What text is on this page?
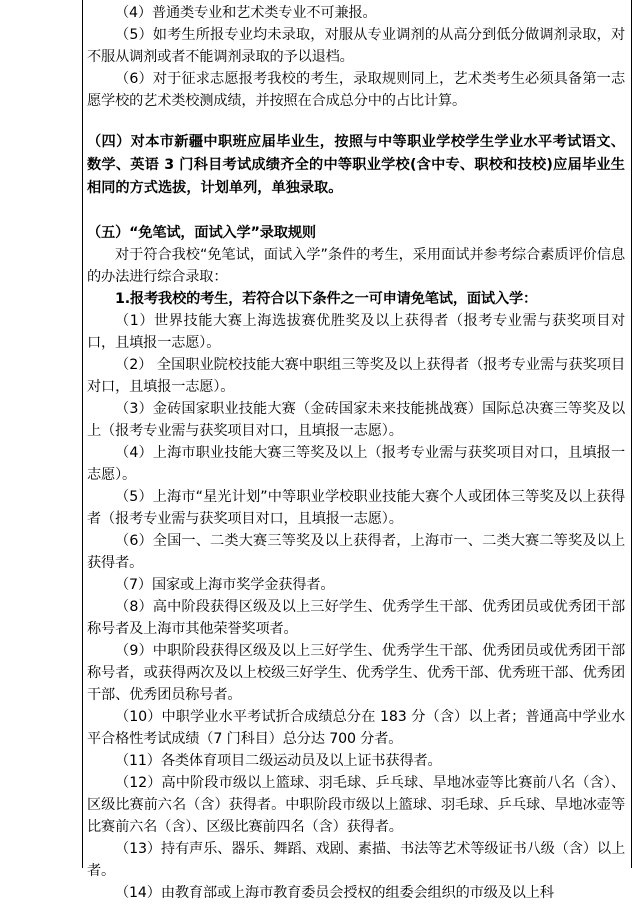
（4）普通类专业和艺术类专业不可兼报。

（5）如考生所报专业均未录取，对服从专业调剂的从高分到低分做调剂录取，对不服从调剂或者不能调剂录取的予以退档。

（6）对于征求志愿报考我校的考生，录取规则同上，艺术类考生必须具备第一志愿学校的艺术类校测成绩，并按照在合成总分中的占比计算。

（四）对本市新疆中职班应届毕业生，按照与中等职业学校学生学业水平考试语文、数学、英语 3 门科目考试成绩齐全的中等职业学校(含中专、职校和技校)应届毕业生相同的方式选拔，计划单列，单独录取。

（五）“免笔试，面试入学”录取规则

对于符合我校“免笔试，面试入学”条件的考生，采用面试并参考综合素质评价信息的办法进行综合录取：

1.报考我校的考生，若符合以下条件之一可申请免笔试，面试入学：

（1）世界技能大赛上海选拔赛优胜奖及以上获得者（报考专业需与获奖项目对口，且填报一志愿）。

（2） 全国职业院校技能大赛中职组三等奖及以上获得者（报考专业需与获奖项目对口，且填报一志愿）。

（3）金砖国家职业技能大赛（金砖国家未来技能挑战赛）国际总决赛三等奖及以上（报考专业需与获奖项目对口，且填报一志愿）。

（4）上海市职业技能大赛三等奖及以上（报考专业需与获奖项目对口，且填报一志愿）。

（5）上海市“星光计划”中等职业学校职业技能大赛个人或团体三等奖及以上获得者（报考专业需与获奖项目对口，且填报一志愿）。

（6）全国一、二类大赛三等奖及以上获得者，上海市一、二类大赛二等奖及以上获得者。

（7）国家或上海市奖学金获得者。

（8）高中阶段获得区级及以上三好学生、优秀学生干部、优秀团员或优秀团干部称号者及上海市其他荣誉奖项者。

（9）中职阶段获得区级及以上三好学生、优秀学生干部、优秀团员或优秀团干部称号者，或获得两次及以上校级三好学生、优秀学生、优秀干部、优秀班干部、优秀团干部、优秀团员称号者。

（10）中职学业水平考试折合成绩总分在 183 分（含）以上者；普通高中学业水平合格性考试成绩（7 门科目）总分达 700 分者。

（11）各类体育项目二级运动员及以上证书获得者。

（12）高中阶段市级以上篮球、羽毛球、乒乓球、旱地冰壶等比赛前八名（含）、区级比赛前六名（含）获得者。中职阶段市级以上篮球、羽毛球、乒乓球、旱地冰壶等比赛前六名（含）、区级比赛前四名（含）获得者。

（13）持有声乐、器乐、舞蹈、戏剧、素描、书法等艺术等级证书八级（含）以上者。

（14）由教育部或上海市教育委员会授权的组委会组织的市级及以上科
